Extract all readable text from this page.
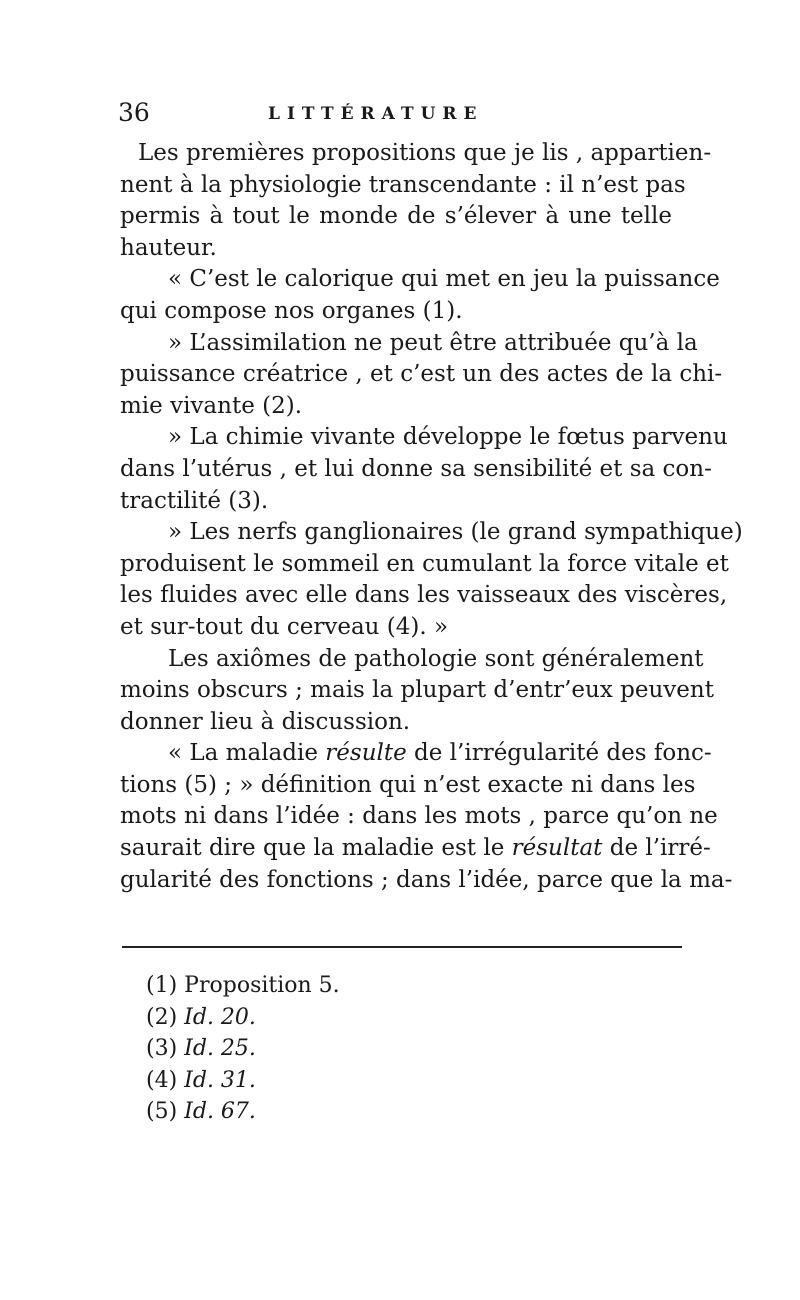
36	LITTÉRATURE
Les premières propositions que je lis , appartien-
nent à la physiologie transcendante : il n’est pas
permis à tout le monde de s’élever à une telle
hauteur.
« C’est le calorique qui met en jeu la puissance
qui compose nos organes (1).
» L’assimilation ne peut être attribuée qu’à la
puissance créatrice , et c’est un des actes de la chi-
mie vivante (2).
» La chimie vivante développe le fœtus parvenu
dans l’utérus , et lui donne sa sensibilité et sa con-
tractilité (3).
» Les nerfs ganglionaires (le grand sympathique)
produisent le sommeil en cumulant la force vitale et
les fluides avec elle dans les vaisseaux des viscères,
et sur-tout du cerveau (4). »
Les axiômes de pathologie sont généralement
moins obscurs ; mais la plupart d’entr’eux peuvent
donner lieu à discussion.
« La maladie résulte de l’irrégularité des fonc-
tions (5) ; » définition qui n’est exacte ni dans les
mots ni dans l’idée : dans les mots , parce qu’on ne
saurait dire que la maladie est le résultat de l’irré-
gularité des fonctions ; dans l’idée, parce que la ma-
(1) Proposition 5.
(2) Id. 20.
(3) Id. 25.
(4) Id. 31.
(5) Id. 67.
